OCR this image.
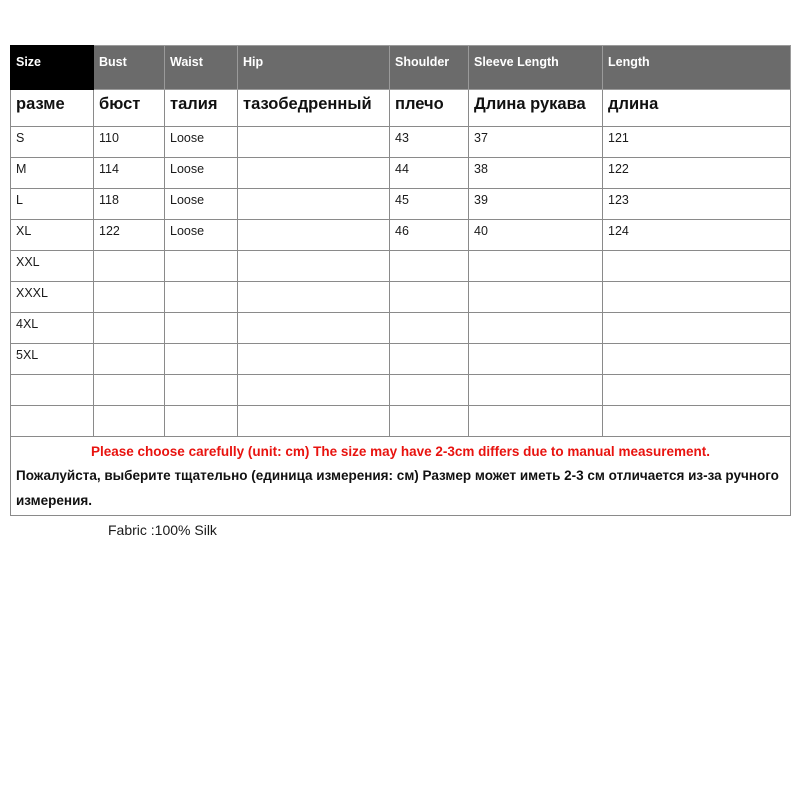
Size	Bust	Waist	Hip	Shoulder	Sleeve Length	Length
разме	бюст	талия	тазобедренный	плечо	Длина рукава	длина
S	110	Loose		43	37	121
M	114	Loose		44	38	122
L	118	Loose		45	39	123
XL	122	Loose		46	40	124
XXL						
XXXL						
4XL						
5XL						

Please choose carefully (unit: cm) The size may have 2-3cm differs due to manual measurement.
Пожалуйста, выберите тщательно (единица измерения: см) Размер может иметь 2-3 см отличается из-за ручного измерения.						
Fabric :100% Silk
